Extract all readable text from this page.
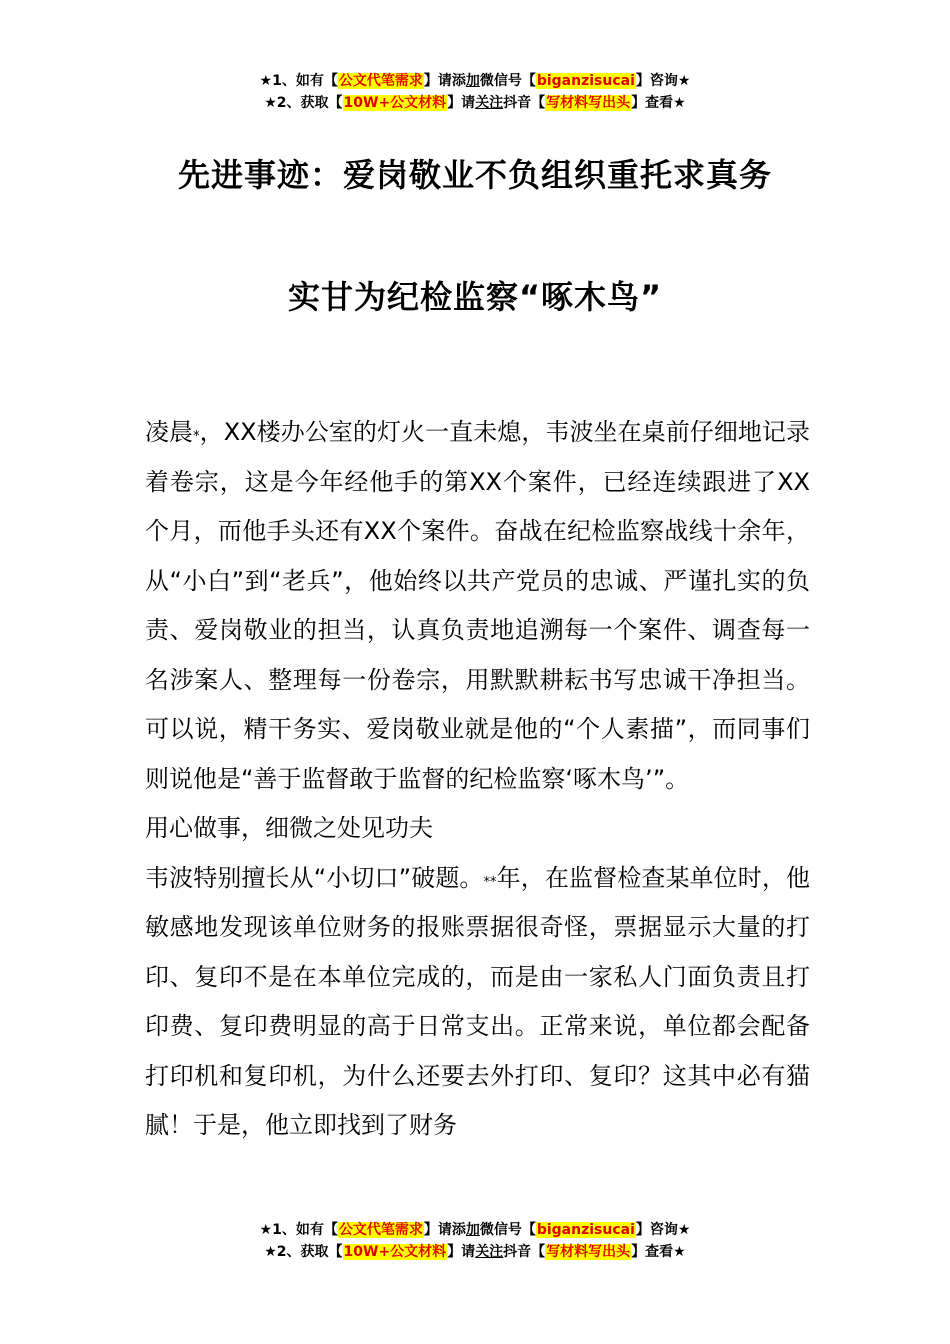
★1、如有【公文代笔需求】请添加微信号【biganzisucai】咨询★
★2、获取【10W+公文材料】请关注抖音【写材料写出头】查看★
先进事迹：爱岗敬业不负组织重托求真务
实甘为纪检监察“啄木鸟”

凌晨*，XX楼办公室的灯火一直未熄，韦波坐在桌前仔细地记录着卷宗，这是今年经他手的第XX个案件，已经连续跟进了XX个月，而他手头还有XX个案件。奋战在纪检监察战线十余年，从“小白”到“老兵”，他始终以共产党员的忠诚、严谨扎实的负责、爱岗敬业的担当，认真负责地追溯每一个案件、调查每一名涉案人、整理每一份卷宗，用默默耕耘书写忠诚干净担当。可以说，精干务实、爱岗敬业就是他的“个人素描”，而同事们则说他是“善于监督敢于监督的纪检监察‘啄木鸟’”。

用心做事，细微之处见功夫

韦波特别擅长从“小切口”破题。**年，在监督检查某单位时，他敏感地发现该单位财务的报账票据很奇怪，票据显示大量的打印、复印不是在本单位完成的，而是由一家私人门面负责且打印费、复印费明显的高于日常支出。正常来说，单位都会配备打印机和复印机，为什么还要去外打印、复印？这其中必有猫腻！于是，他立即找到了财务

★1、如有【公文代笔需求】请添加微信号【biganzisucai】咨询★
★2、获取【10W+公文材料】请关注抖音【写材料写出头】查看★
